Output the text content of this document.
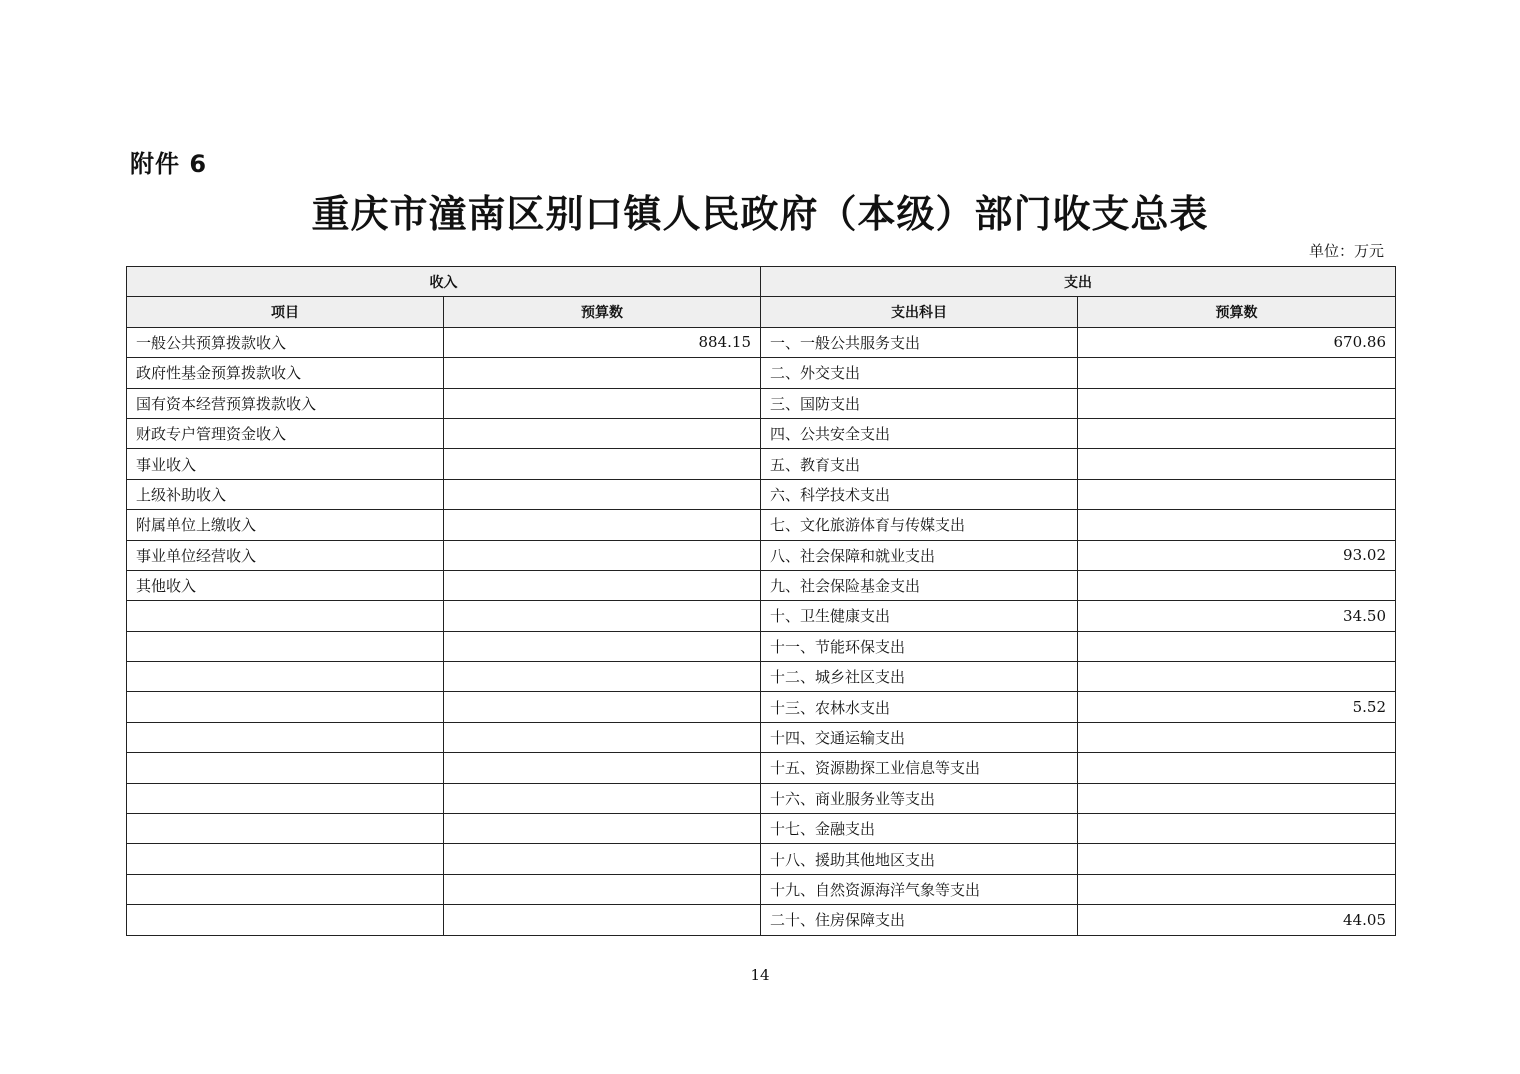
附件 6
重庆市潼南区别口镇人民政府（本级）部门收支总表
单位：万元
收入		支出	
项目	预算数	支出科目	预算数
一般公共预算拨款收入	884.15	一、一般公共服务支出	670.86
政府性基金预算拨款收入		二、外交支出	
国有资本经营预算拨款收入		三、国防支出	
财政专户管理资金收入		四、公共安全支出	
事业收入		五、教育支出	
上级补助收入		六、科学技术支出	
附属单位上缴收入		七、文化旅游体育与传媒支出	
事业单位经营收入		八、社会保障和就业支出	93.02
其他收入		九、社会保险基金支出	
		十、卫生健康支出	34.50
		十一、节能环保支出	
		十二、城乡社区支出	
		十三、农林水支出	5.52
		十四、交通运输支出	
		十五、资源勘探工业信息等支出	
		十六、商业服务业等支出	
		十七、金融支出	
		十八、援助其他地区支出	
		十九、自然资源海洋气象等支出	
		二十、住房保障支出	44.05
14
